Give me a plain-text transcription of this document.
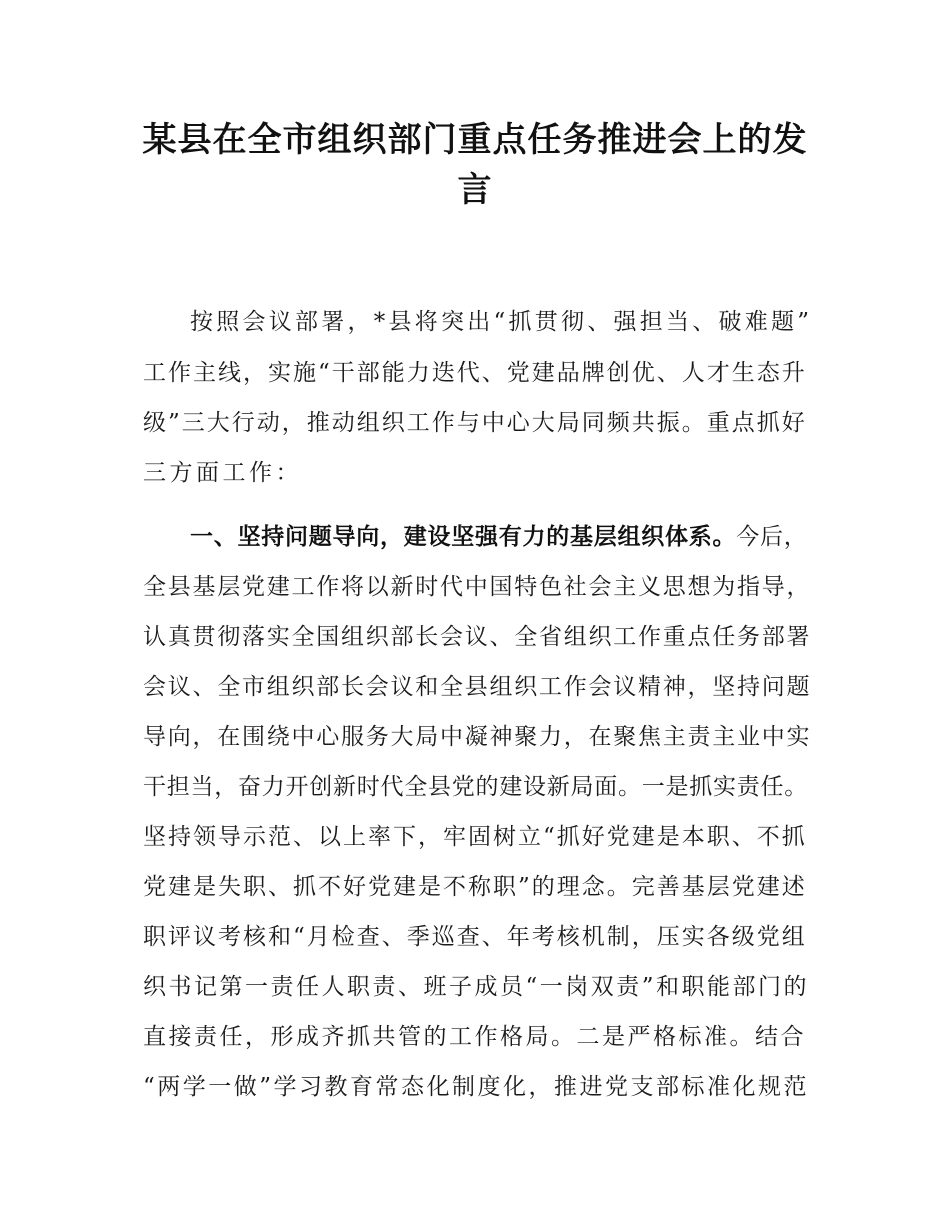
某县在全市组织部门重点任务推进会上的发
言
按照会议部署，*县将突出“抓贯彻、强担当、破难题”
工作主线，实施“干部能力迭代、党建品牌创优、人才生态升
级”三大行动，推动组织工作与中心大局同频共振。重点抓好
三方面工作：
一、坚持问题导向，建设坚强有力的基层组织体系。今后，
全县基层党建工作将以新时代中国特色社会主义思想为指导，
认真贯彻落实全国组织部长会议、全省组织工作重点任务部署
会议、全市组织部长会议和全县组织工作会议精神，坚持问题
导向，在围绕中心服务大局中凝神聚力，在聚焦主责主业中实
干担当，奋力开创新时代全县党的建设新局面。一是抓实责任。
坚持领导示范、以上率下，牢固树立“抓好党建是本职、不抓
党建是失职、抓不好党建是不称职”的理念。完善基层党建述
职评议考核和“月检查、季巡查、年考核机制，压实各级党组
织书记第一责任人职责、班子成员“一岗双责”和职能部门的
直接责任，形成齐抓共管的工作格局。二是严格标准。结合
“两学一做”学习教育常态化制度化，推进党支部标准化规范
